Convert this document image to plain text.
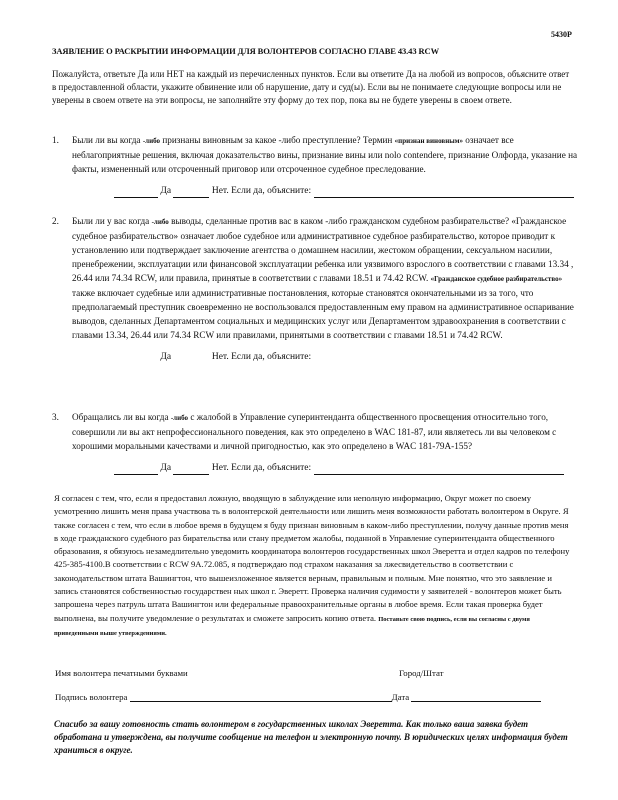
5430P
ЗАЯВЛЕНИЕ О РАСКРЫТИИ ИНФОРМАЦИИ ДЛЯ ВОЛОНТЕРОВ СОГЛАСНО ГЛАВЕ 43.43 RCW
Пожалуйста, ответьте Да или НЕТ на каждый из перечисленных пунктов. Если вы ответите Да на любой из вопросов, объясните ответ в предоставленной области, укажите обвинение или об нарушение, дату и суд(ы). Если вы не понимаете следующие вопросы или не уверены в своем ответе на эти вопросы, не заполняйте эту форму до тех пор, пока вы не будете уверены в своем ответе.
1. Были ли вы когда -либо признаны виновным за какое -либо преступление? Термин «признан виновным» означает все неблагоприятные решения, включая доказательство вины, признание вины или nolo contendere, признание Олфорда, указание на факты, измененный или отсроченный приговор или отсроченное судебное преследование.
Да	Нет. Если да, объясните:
2. Были ли у вас когда -либо выводы, сделанные против вас в каком -либо гражданском судебном разбирательстве? «Гражданское судебное разбирательство» означает любое судебное или административное судебное разбирательство, которое приводит к установлению или подтверждает заключение агентства о домашнем насилии, жестоком обращении, сексуальном насилии, пренебрежении, эксплуатации или финансовой эксплуатации ребенка или уязвимого взрослого в соответствии с главами 13.34 , 26.44 или 74.34 RCW, или правила, принятые в соответствии с главами 18.51 и 74.42 RCW. «Гражданское судебное разбирательство» также включает судебные или административные постановления, которые становятся окончательными из за того, что предполагаемый преступник своевременно не воспользовался предоставленным ему правом на административное оспаривание выводов, сделанных Департаментом социальных и медицинских услуг или Департаментом здравоохранения в соответствии с главами 13.34, 26.44 или 74.34 RCW или правилами, принятыми в соответствии с главами 18.51 и 74.42 RCW.
Да	Нет. Если да, объясните:
3. Обращались ли вы когда -либо с жалобой в Управление суперинтенданта общественного просвещения относительно того, совершили ли вы акт непрофессионального поведения, как это определено в WAC 181-87, или являетесь ли вы человеком с хорошими моральными качествами и личной пригодностью, как это определено в WAC 181-79A-155?
Да	Нет. Если да, объясните:
Я согласен с тем, что, если я предоставил ложную, вводящую в заблуждение или неполную информацию, Округ может по своему усмотрению лишить меня права участвова ть в волонтерской деятельности или лишить меня возможности работать волонтером в Округе. Я также согласен с тем, что если в любое время в будущем я буду признан виновным в каком-либо преступлении, получу данные против меня в ходе гражданского судебного раз бирательства или стану предметом жалобы, поданной в Управление суперинтенданта общественного образования, я обязуюсь незамедлительно уведомить координатора волонтеров государственных школ Эверетта и отдел кадров по телефону 425-385-4100.В соответствии с RCW 9A.72.085, я подтверждаю под страхом наказания за лжесвидетельство в соответствии с законодательством штата Вашингтон, что вышеизложенное является верным, правильным и полным. Мне понятно, что это заявление и запись становятся собственностью государствен ных школ г. Эверетт. Проверка наличия судимости у заявителей - волонтеров может быть запрошена через патруль штата Вашингтон или федеральные правоохранительные органы в любое время. Если такая проверка будет выполнена, вы получите уведомление о результатах и сможете запросить копию ответа. Поставьте свою подпись, если вы согласны с двумя приведенными выше утверждениями.
Имя волонтера печатными буквами	Город/Штат
Подпись волонтера	Дата
Спасибо за вашу готовность стать волонтером в государственных школах Эверетта. Как только ваша заявка будет обработана и утверждена, вы получите сообщение на телефон и электронную почту. В юридических целях информация будет храниться в округе.
